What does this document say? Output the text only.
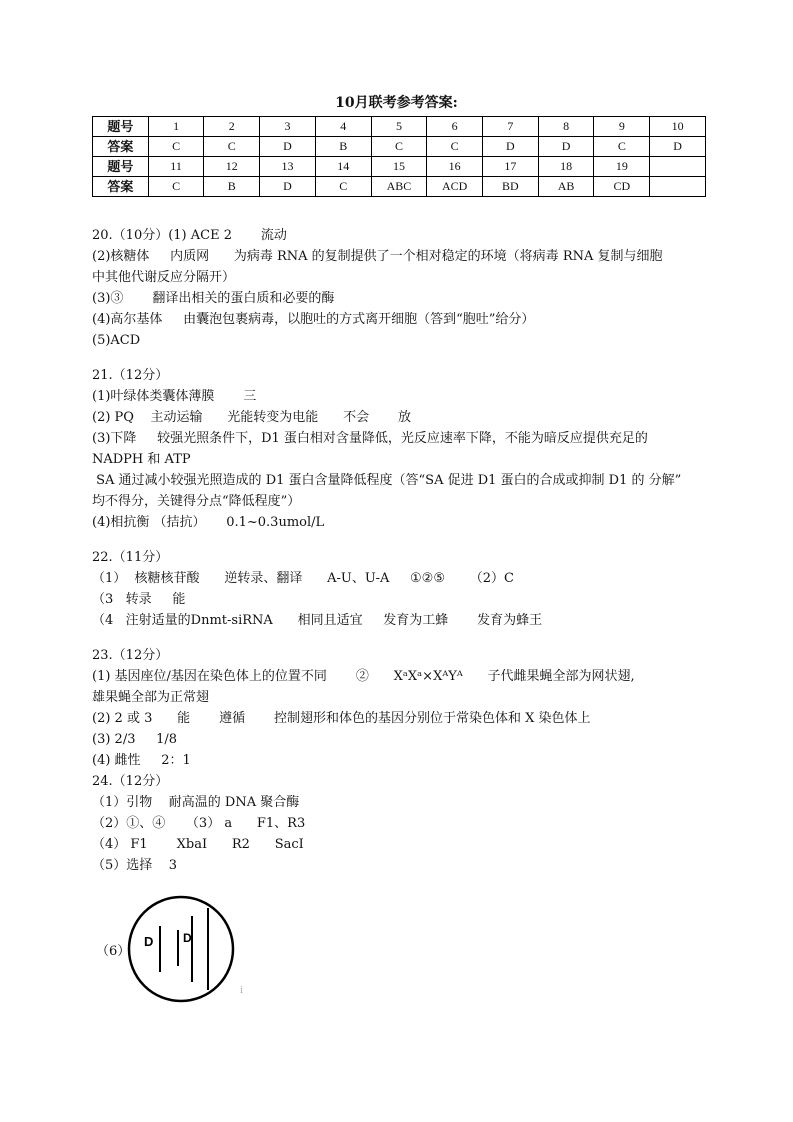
10月联考参考答案:
题号	1	2	3	4	5	6	7	8	9	10
答案	C	C	D	B	C	C	D	D	C	D
题号	11	12	13	14	15	16	17	18	19	
答案	C	B	D	C	ABC	ACD	BD	AB	CD	
20.（10分）(1) ACE 2       流动
(2)核糖体     内质网      为病毒 RNA 的复制提供了一个相对稳定的环境（将病毒 RNA 复制与细胞
中其他代谢反应分隔开）
(3)③       翻译出相关的蛋白质和必要的酶
(4)高尔基体     由囊泡包裹病毒，以胞吐的方式离开细胞（答到“胞吐”给分）
(5)ACD
21.（12分）
(1)叶绿体类囊体薄膜       三
(2) PQ    主动运输      光能转变为电能      不会       放
(3)下降     较强光照条件下，D1 蛋白相对含量降低，光反应速率下降，不能为暗反应提供充足的
NADPH 和 ATP
SA 通过减小较强光照造成的 D1 蛋白含量降低程度（答“SA 促进 D1 蛋白的合成或抑制 D1 的 分解”
均不得分，关键得分点“降低程度”）
(4)相抗衡 （拮抗）     0.1~0.3umol/L
22.（11分）
（1）  核糖核苷酸      逆转录、翻译      A-U、U-A     ①②⑤      （2）C
（3   转录     能
（4   注射适量的Dnmt-siRNA      相同且适宜     发育为工蜂       发育为蜂王
23.（12分）
(1) 基因座位/基因在染色体上的位置不同       ②      XᵃXᵃ×XᴬYᴬ      子代雌果蝇全部为网状翅,
雄果蝇全部为正常翅
(2) 2 或 3      能       遵循       控制翅形和体色的基因分别位于常染色体和 X 染色体上
(3) 2/3     1/8
(4) 雌性     2：1
24.（12分）
（1）引物    耐高温的 DNA 聚合酶
（2）①、④     （3） a      F1、R3
（4） F1       XbaI      R2      SacI
（5）选择    3
（6）
D D
i
